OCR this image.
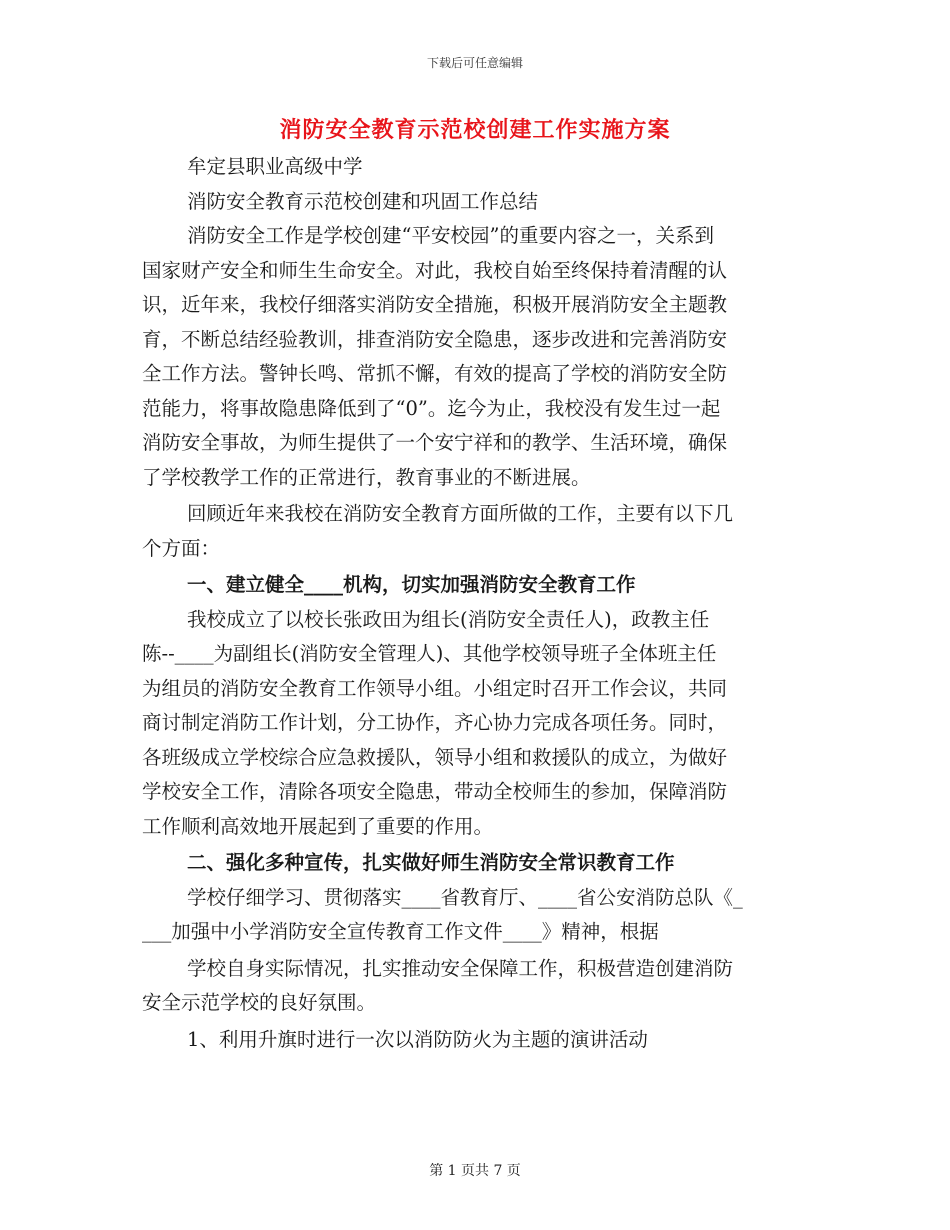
下载后可任意编辑
消防安全教育示范校创建工作实施方案
牟定县职业高级中学
消防安全教育示范校创建和巩固工作总结
消防安全工作是学校创建“平安校园”的重要内容之一，关系到
国家财产安全和师生生命安全。对此，我校自始至终保持着清醒的认
识，近年来，我校仔细落实消防安全措施，积极开展消防安全主题教
育，不断总结经验教训，排查消防安全隐患，逐步改进和完善消防安
全工作方法。警钟长鸣、常抓不懈，有效的提高了学校的消防安全防
范能力，将事故隐患降低到了“0”。迄今为止，我校没有发生过一起
消防安全事故，为师生提供了一个安宁祥和的教学、生活环境，确保
了学校教学工作的正常进行，教育事业的不断进展。
回顾近年来我校在消防安全教育方面所做的工作，主要有以下几
个方面：
一、建立健全____机构，切实加强消防安全教育工作
我校成立了以校长张政田为组长(消防安全责任人)，政教主任
陈--____为副组长(消防安全管理人)、其他学校领导班子全体班主任
为组员的消防安全教育工作领导小组。小组定时召开工作会议，共同
商讨制定消防工作计划，分工协作，齐心协力完成各项任务。同时，
各班级成立学校综合应急救援队，领导小组和救援队的成立，为做好
学校安全工作，清除各项安全隐患，带动全校师生的参加，保障消防
工作顺利高效地开展起到了重要的作用。
二、强化多种宣传，扎实做好师生消防安全常识教育工作
学校仔细学习、贯彻落实____省教育厅、____省公安消防总队《_
___加强中小学消防安全宣传教育工作文件____》精神，根据
学校自身实际情况，扎实推动安全保障工作，积极营造创建消防
安全示范学校的良好氛围。
1、利用升旗时进行一次以消防防火为主题的演讲活动
第 1 页共 7 页
